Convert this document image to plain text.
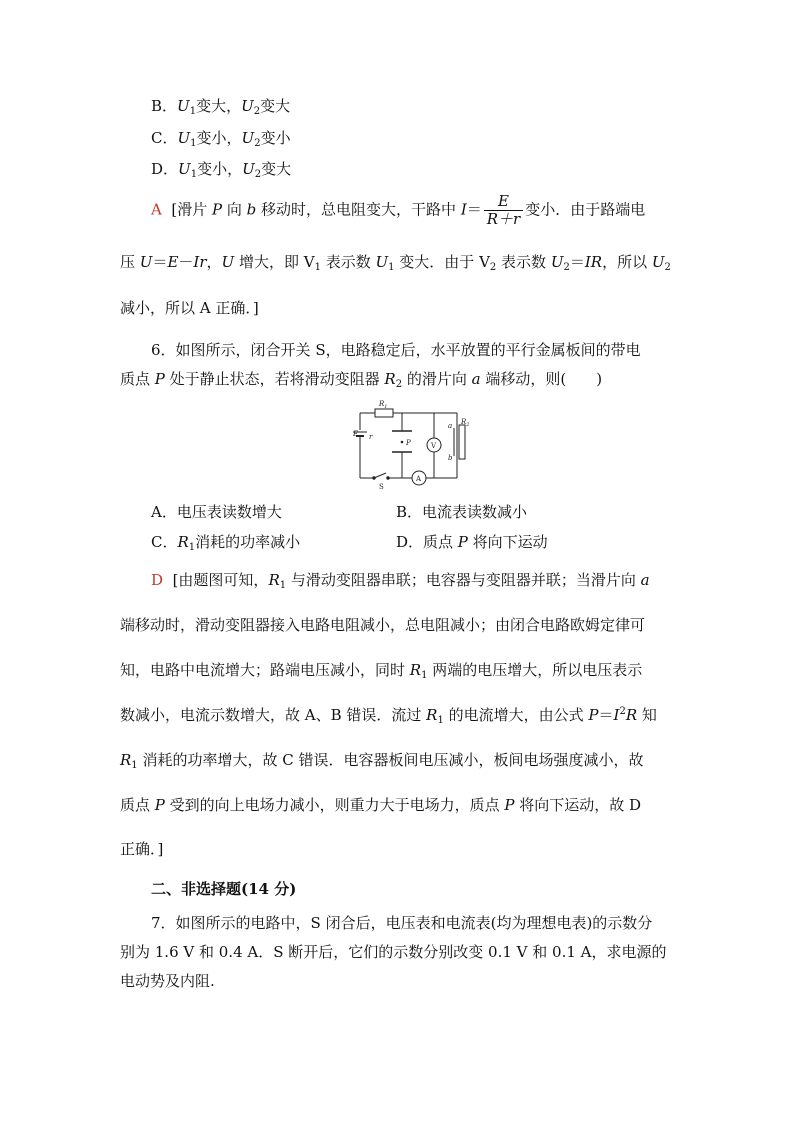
B．$U_1$变大，$U_2$变大
C．$U_1$变小，$U_2$变小
D．$U_1$变小，$U_2$变大
A [滑片 P 向 b 移动时，总电阻变大，干路中 $I= \frac{E}{R+r}$ 变小．由于路端电
压 U＝E－Ir，U 增大，即 $V_1$ 表示数 $U_1$ 变大．由于 $V_2$ 表示数 $U_2=IR$，所以 $U_2$
减小，所以 A 正确．]
6．如图所示，闭合开关 S，电路稳定后，水平放置的平行金属板间的带电
质点 P 处于静止状态，若将滑动变阻器 $R_2$ 的滑片向 a 端移动，则(　　)
$R_1$
E r
P	V
A
a
b
$R_2$
S
A．电压表读数增大	B．电流表读数减小
C．$R_1$消耗的功率减小	D．质点 P 将向下运动
D [由题图可知，$R_1$ 与滑动变阻器串联；电容器与变阻器并联；当滑片向 a
端移动时，滑动变阻器接入电路电阻减小，总电阻减小；由闭合电路欧姆定律可
知，电路中电流增大；路端电压减小，同时 $R_1$ 两端的电压增大，所以电压表示
数减小，电流示数增大，故 A、B 错误．流过 $R_1$ 的电流增大，由公式 $P=I^2R$ 知
$R_1$ 消耗的功率增大，故 C 错误．电容器板间电压减小，板间电场强度减小，故
质点 P 受到的向上电场力减小，则重力大于电场力，质点 P 将向下运动，故 D
正确．]
二、非选择题(14 分)
7．如图所示的电路中，S 闭合后，电压表和电流表(均为理想电表)的示数分
别为 1.6 V 和 0.4 A．S 断开后，它们的示数分别改变 0.1 V 和 0.1 A，求电源的
电动势及内阻.
